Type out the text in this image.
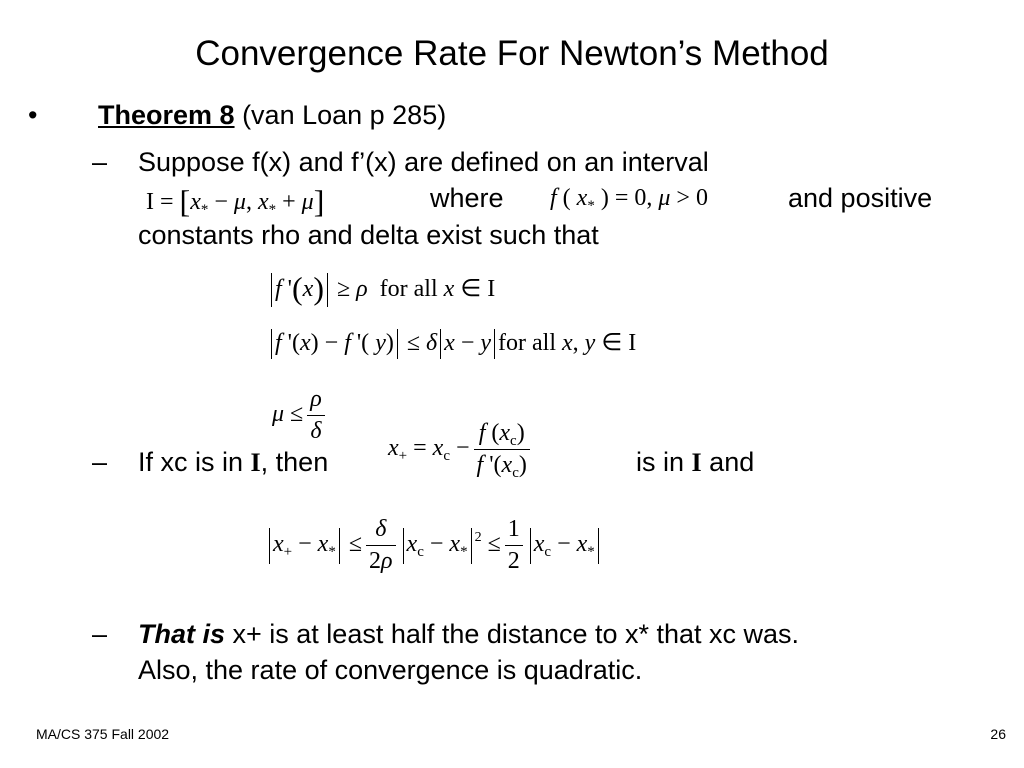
Convergence Rate For Newton’s Method
• Theorem 8 (van Loan p 285)
– Suppose f(x) and f’(x) are defined on an interval
$I = [x_* - \mu$, $x_* + \mu$]	where f ( $x_*$ ) = 0, μ > 0	and positive
constants rho and delta exist such that
f '(x) ≥ ρ  for all x ∈ I
f '(x) − f '( y) ≤ δ x − y for all x, y ∈ I
$\mu \le \frac{\rho}{\delta}$
– If xc is in I, then $x_+ = x_c - \frac{f (x_c)}{f '(x_c)}$	is in I and
$x_+ - x_* \le \frac{\delta}{2\rho} x_c - x_*^2 \le \frac{1}{2} x_c - x_*$
– That is x+ is at least half the distance to x* that xc was.
Also, the rate of convergence is quadratic.
MA/CS 375 Fall 2002	26
